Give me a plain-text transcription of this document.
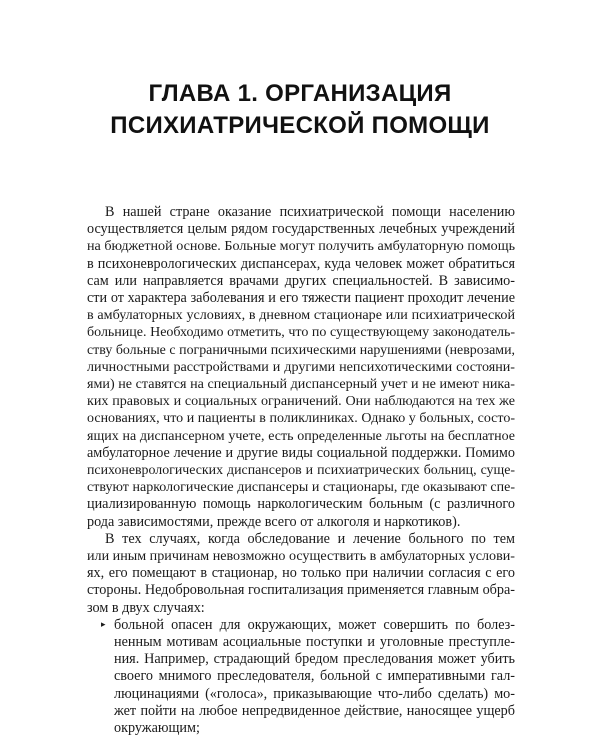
ГЛАВА 1. ОРГАНИЗАЦИЯ
ПСИХИАТРИЧЕСКОЙ ПОМОЩИ
В нашей стране оказание психиатрической помощи населению
осуществляется целым рядом государственных лечебных учреждений
на бюджетной основе. Больные могут получить амбулаторную помощь
в психоневрологических диспансерах, куда человек может обратиться
сам или направляется врачами других специальностей. В зависимо-
сти от характера заболевания и его тяжести пациент проходит лечение
в амбулаторных условиях, в дневном стационаре или психиатрической
больнице. Необходимо отметить, что по существующему законодатель-
ству больные с пограничными психическими нарушениями (неврозами,
личностными расстройствами и другими непсихотическими состояни-
ями) не ставятся на специальный диспансерный учет и не имеют ника-
ких правовых и социальных ограничений. Они наблюдаются на тех же
основаниях, что и пациенты в поликлиниках. Однако у больных, состо-
ящих на диспансерном учете, есть определенные льготы на бесплатное
амбулаторное лечение и другие виды социальной поддержки. Помимо
психоневрологических диспансеров и психиатрических больниц, суще-
ствуют наркологические диспансеры и стационары, где оказывают спе-
циализированную помощь наркологическим больным (с различного
рода зависимостями, прежде всего от алкоголя и наркотиков).
В тех случаях, когда обследование и лечение больного по тем
или иным причинам невозможно осуществить в амбулаторных услови-
ях, его помещают в стационар, но только при наличии согласия с его
стороны. Недобровольная госпитализация применяется главным обра-
зом в двух случаях:
▸ больной опасен для окружающих, может совершить по болез-
ненным мотивам асоциальные поступки и уголовные преступле-
ния. Например, страдающий бредом преследования может убить
своего мнимого преследователя, больной с императивными гал-
люцинациями («голоса», приказывающие что-либо сделать) мо-
жет пойти на любое непредвиденное действие, наносящее ущерб
окружающим;
